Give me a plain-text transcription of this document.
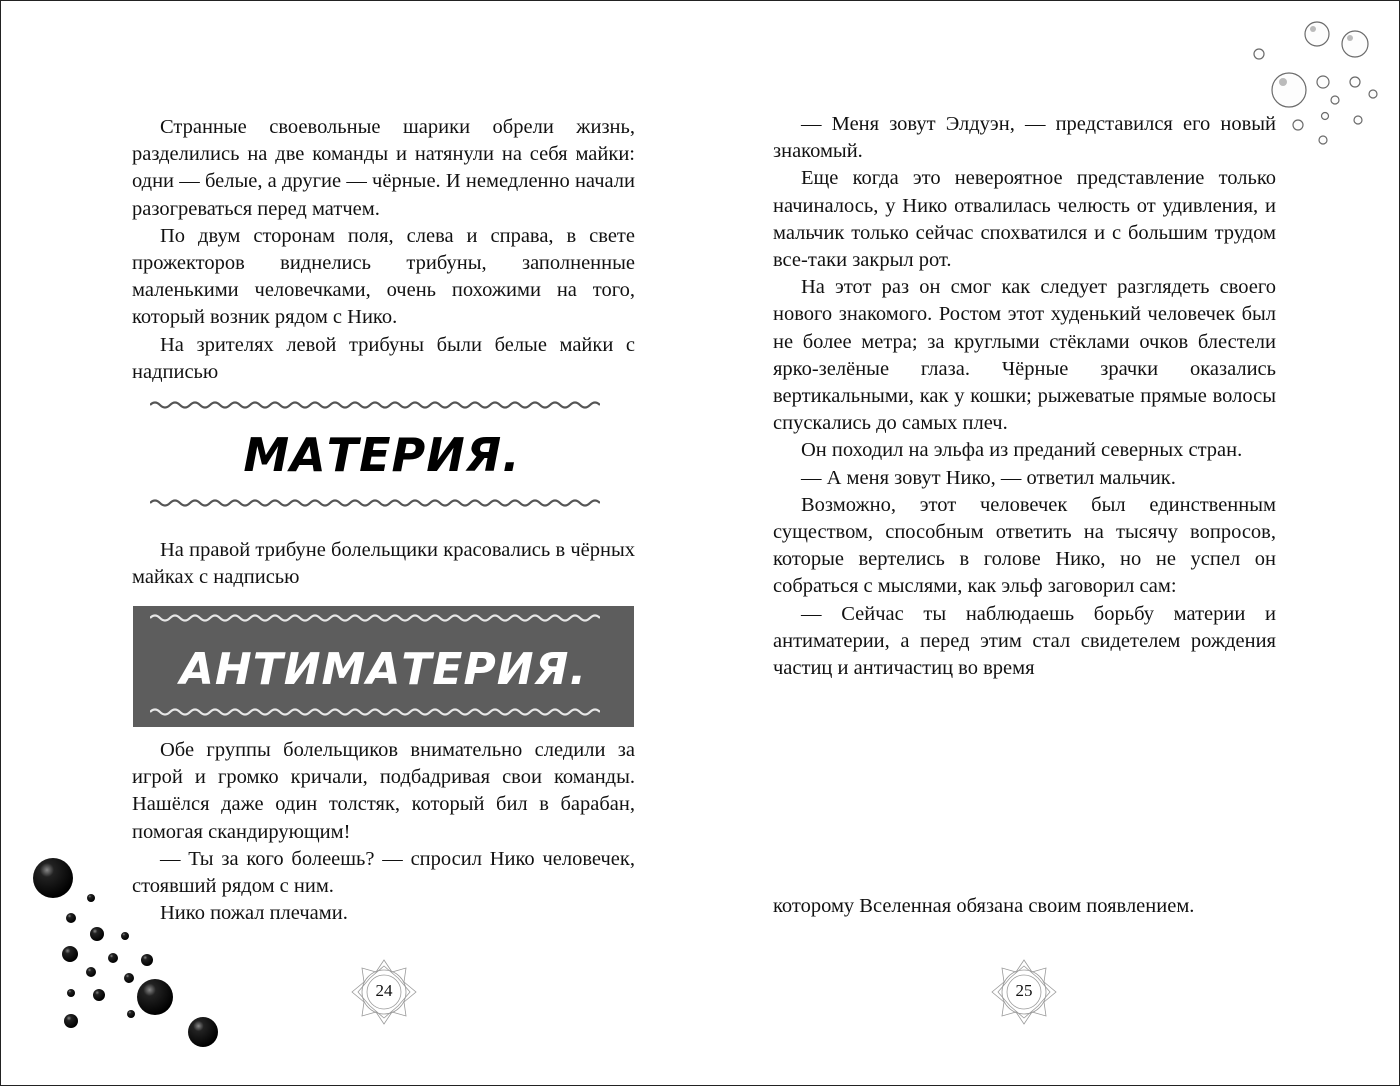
Странные своевольные шарики обрели жизнь, разделились на две команды и натянули на себя майки: одни — белые, а другие — чёрные. И немедленно начали разогреваться перед матчем.

По двум сторонам поля, слева и справа, в свете прожекторов виднелись трибуны, заполненные маленькими человечками, очень похожими на того, который возник рядом с Нико.

На зрителях левой трибуны были белые майки с надписью

МАТЕРИЯ.

На правой трибуне болельщики красовались в чёрных майках с надписью

АНТИМАТЕРИЯ.

Обе группы болельщиков внимательно следили за игрой и громко кричали, подбадривая свои команды. Нашёлся даже один толстяк, который бил в барабан, помогая скандирующим!

— Ты за кого болеешь? — спросил Нико человечек, стоявший рядом с ним.

Нико пожал плечами.

24

— Меня зовут Элдуэн, — представился его новый знакомый.

Еще когда это невероятное представление только начиналось, у Нико отвалилась челюсть от удивления, и мальчик только сейчас спохватился и с большим трудом все-таки закрыл рот.

На этот раз он смог как следует разглядеть своего нового знакомого. Ростом этот худенький человечек был не более метра; за круглыми стёклами очков блестели ярко-зелёные глаза. Чёрные зрачки оказались вертикальными, как у кошки; рыжеватые прямые волосы спускались до самых плеч.

Он походил на эльфа из преданий северных стран.

— А меня зовут Нико, — ответил мальчик.

Возможно, этот человечек был единственным существом, способным ответить на тысячу вопросов, которые вертелись в голове Нико, но не успел он собраться с мыслями, как эльф заговорил сам:

— Сейчас ты наблюдаешь борьбу материи и антиматерии, а перед этим стал свидетелем рождения частиц и античастиц во время

которому Вселенная обязана своим появлением.

25
